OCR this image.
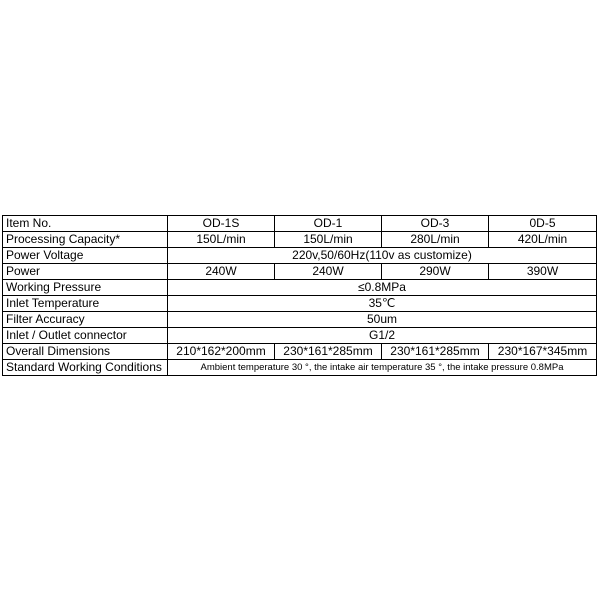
Item No.	OD-1S	OD-1	OD-3	0D-5
Processing Capacity*	150L/min	150L/min	280L/min	420L/min
Power Voltage	220v,50/60Hz(110v as customize)			
Power	240W	240W	290W	390W
Working Pressure	≤0.8MPa			
Inlet Temperature	35℃			
Filter Accuracy	50um			
Inlet / Outlet connector	G1/2			
Overall Dimensions	210*162*200mm	230*161*285mm	230*161*285mm	230*167*345mm
Standard Working Conditions	Ambient temperature 30 °, the intake air temperature 35 °, the intake pressure 0.8MPa			
